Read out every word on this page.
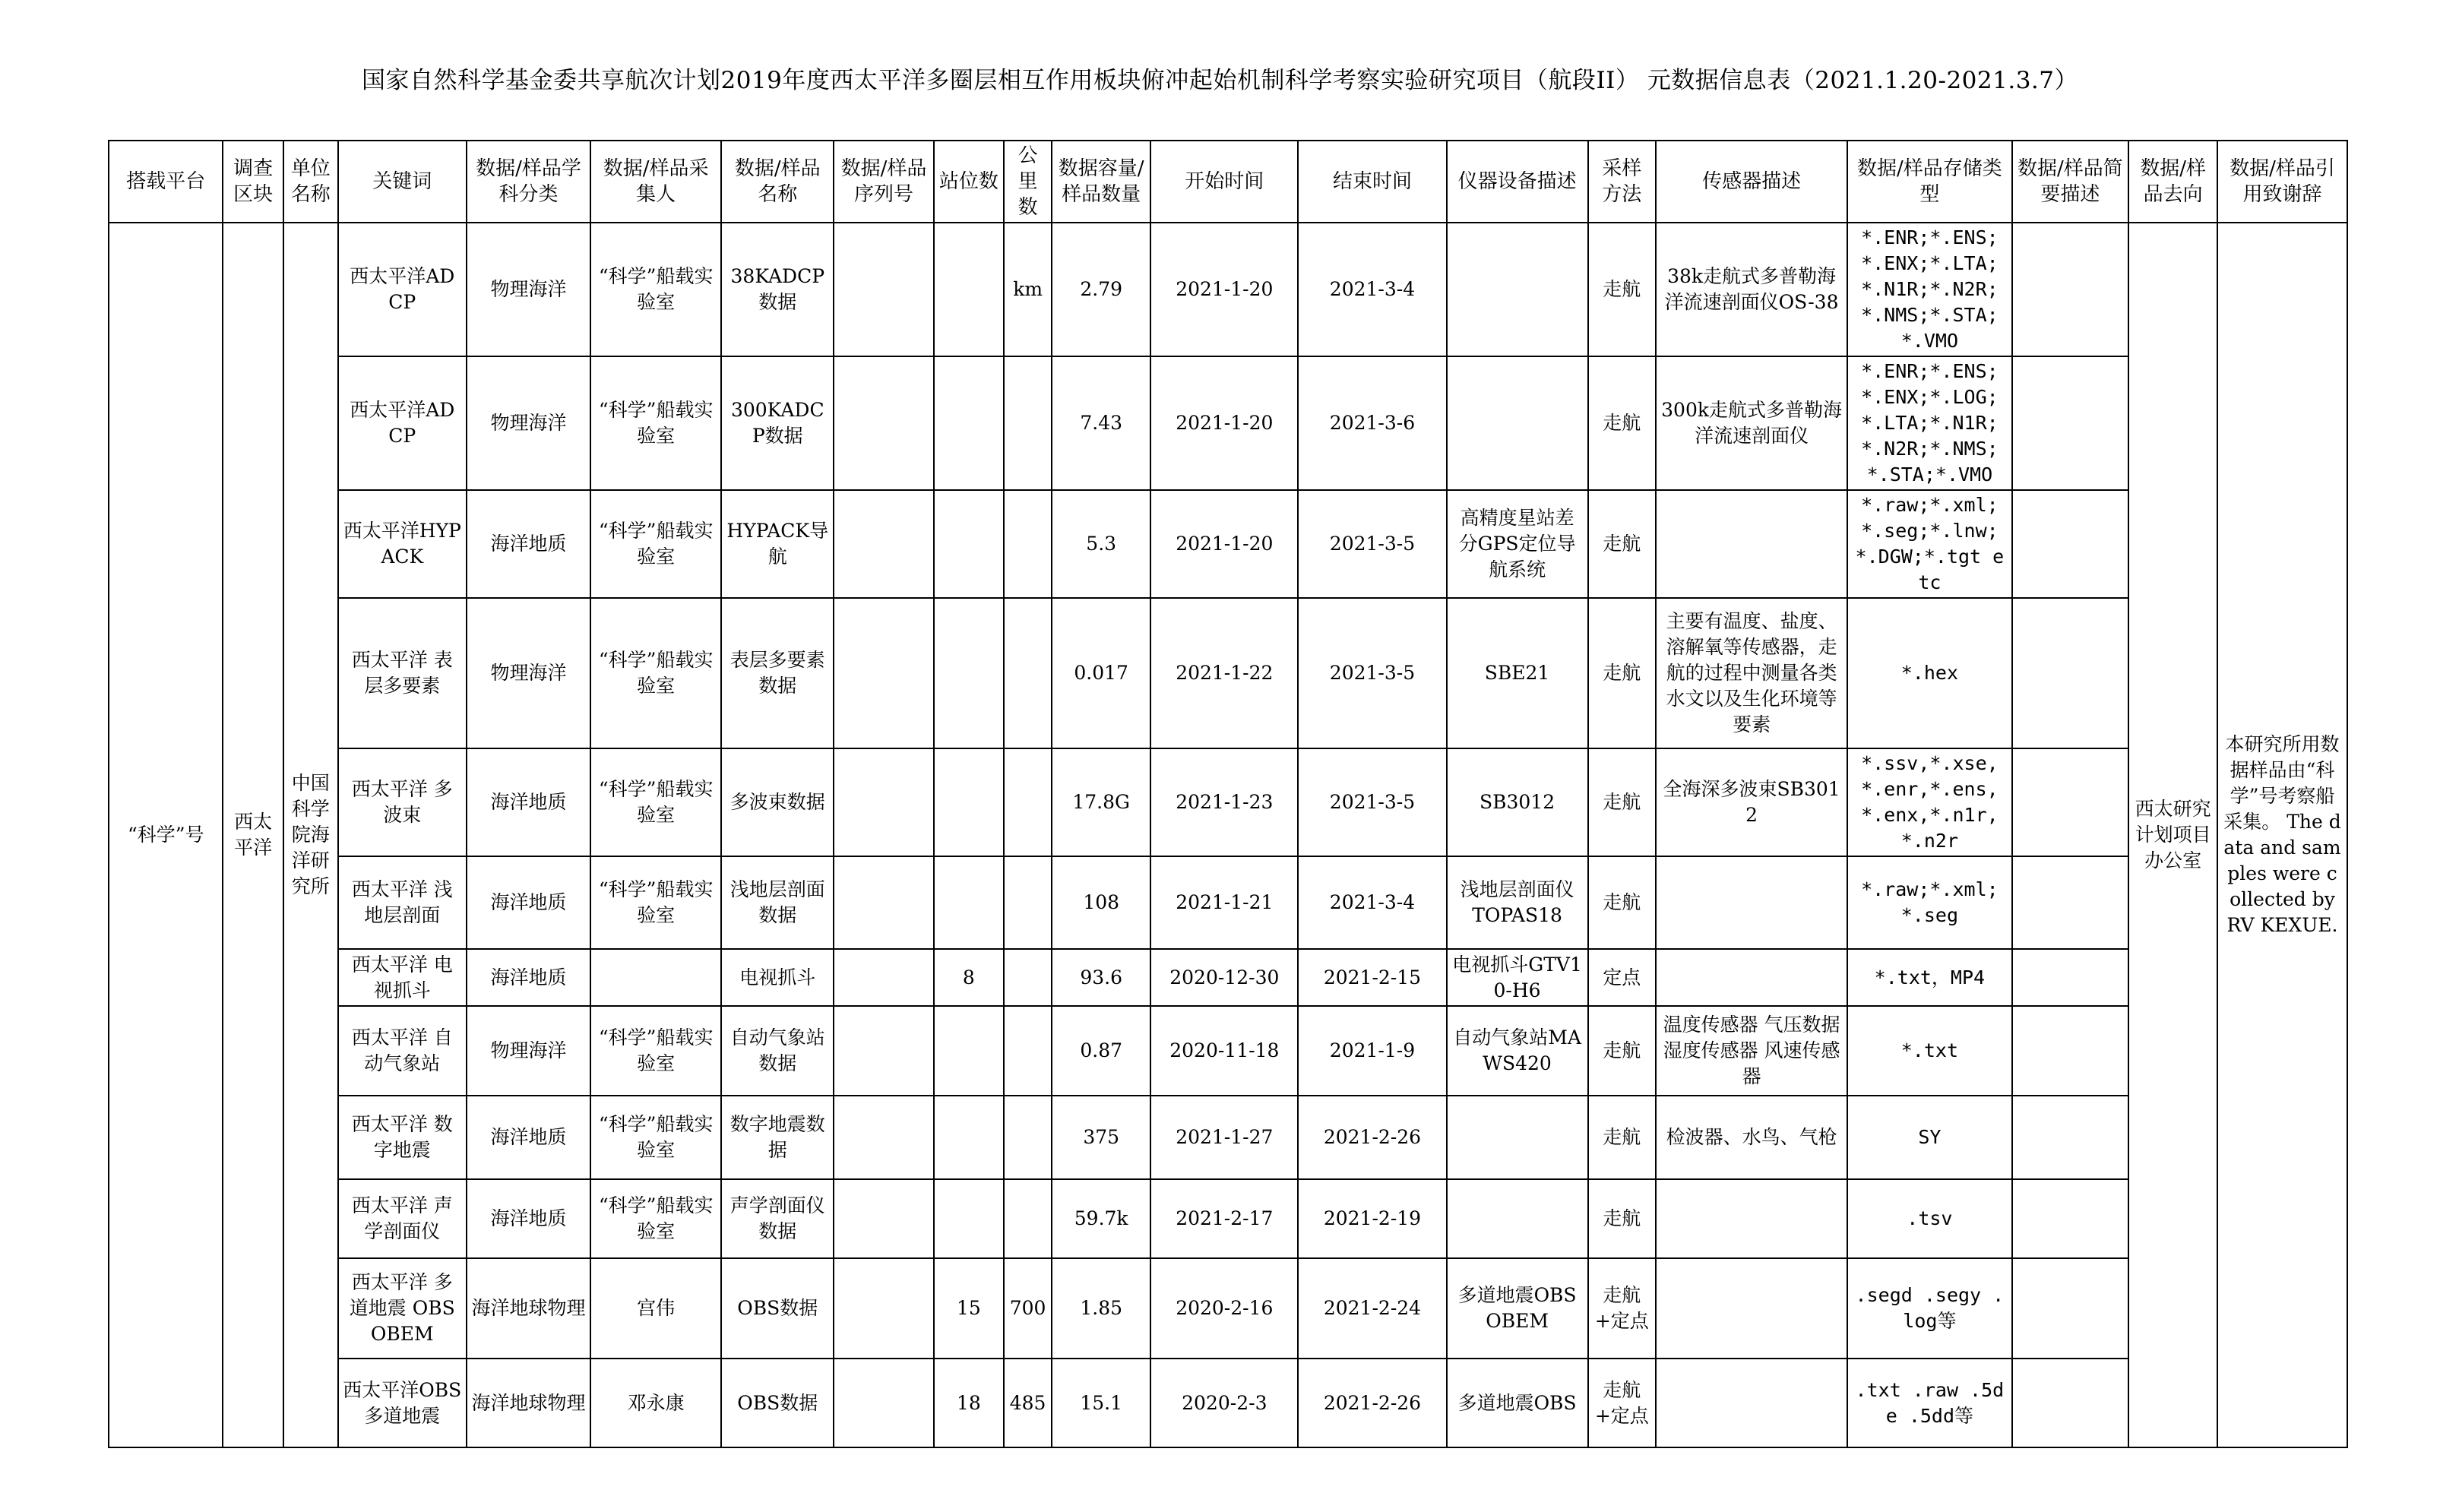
国家自然科学基金委共享航次计划2019年度西太平洋多圈层相互作用板块俯冲起始机制科学考察实验研究项目（航段II） 元数据信息表（2021.1.20-2021.3.7）
搭载平台	调查区块	单位名称	关键词	数据/样品学科分类	数据/样品采集人	数据/样品名称	数据/样品序列号	站位数	公里数	数据容量/样品数量	开始时间	结束时间	仪器设备描述	采样方法	传感器描述	数据/样品存储类型	数据/样品简要描述	数据/样品去向	数据/样品引用致谢辞
“科学”号	西太平洋	中国科学院海洋研究所	西太平洋ADCP	物理海洋	“科学”船载实验室	38KADCP数据			km	2.79	2021-1-20	2021-3-4		走航	38k走航式多普勒海洋流速剖面仪OS-38	*.ENR;*.ENS;*.ENX;*.LTA;*.N1R;*.N2R;*.NMS;*.STA;*.VMO		西太研究计划项目办公室	本研究所用数据样品由“科学”号考察船采集。 The data and samples were collected by RV KEXUE.
			西太平洋ADCP	物理海洋	“科学”船载实验室	300KADCP数据				7.43	2021-1-20	2021-3-6		走航	300k走航式多普勒海洋流速剖面仪	*.ENR;*.ENS;*.ENX;*.LOG;*.LTA;*.N1R;*.N2R;*.NMS;*.STA;*.VMO			
			西太平洋HYPACK	海洋地质	“科学”船载实验室	HYPACK导航				5.3	2021-1-20	2021-3-5	高精度星站差分GPS定位导航系统	走航		*.raw;*.xml;*.seg;*.lnw;*.DGW;*.tgt etc			
			西太平洋 表层多要素	物理海洋	“科学”船载实验室	表层多要素数据				0.017	2021-1-22	2021-3-5	SBE21	走航	主要有温度、盐度、溶解氧等传感器，走航的过程中测量各类水文以及生化环境等要素	*.hex			
			西太平洋 多波束	海洋地质	“科学”船载实验室	多波束数据				17.8G	2021-1-23	2021-3-5	SB3012	走航	全海深多波束SB3012	*.ssv,*.xse,*.enr,*.ens,*.enx,*.n1r,*.n2r			
			西太平洋 浅地层剖面	海洋地质	“科学”船载实验室	浅地层剖面数据				108	2021-1-21	2021-3-4	浅地层剖面仪 TOPAS18	走航		*.raw;*.xml;*.seg			
			西太平洋 电视抓斗	海洋地质		电视抓斗		8		93.6	2020-12-30	2021-2-15	电视抓斗GTV10-H6	定点		*.txt，MP4			
			西太平洋 自动气象站	物理海洋	“科学”船载实验室	自动气象站数据				0.87	2020-11-18	2021-1-9	自动气象站MAWS420	走航	温度传感器 气压数据 湿度传感器 风速传感器	*.txt			
			西太平洋 数字地震	海洋地质	“科学”船载实验室	数字地震数据				375	2021-1-27	2021-2-26		走航	检波器、水鸟、气枪	SY			
			西太平洋 声学剖面仪	海洋地质	“科学”船载实验室	声学剖面仪数据				59.7k	2021-2-17	2021-2-19		走航		.tsv			
			西太平洋 多道地震 OBS OBEM	海洋地球物理	宫伟	OBS数据		15	700	1.85	2020-2-16	2021-2-24	多道地震OBS OBEM	走航+定点		.segd .segy .log等			
			西太平洋OBS 多道地震	海洋地球物理	邓永康	OBS数据		18	485	15.1	2020-2-3	2021-2-26	多道地震OBS	走航+定点		.txt .raw .5de .5dd等			
